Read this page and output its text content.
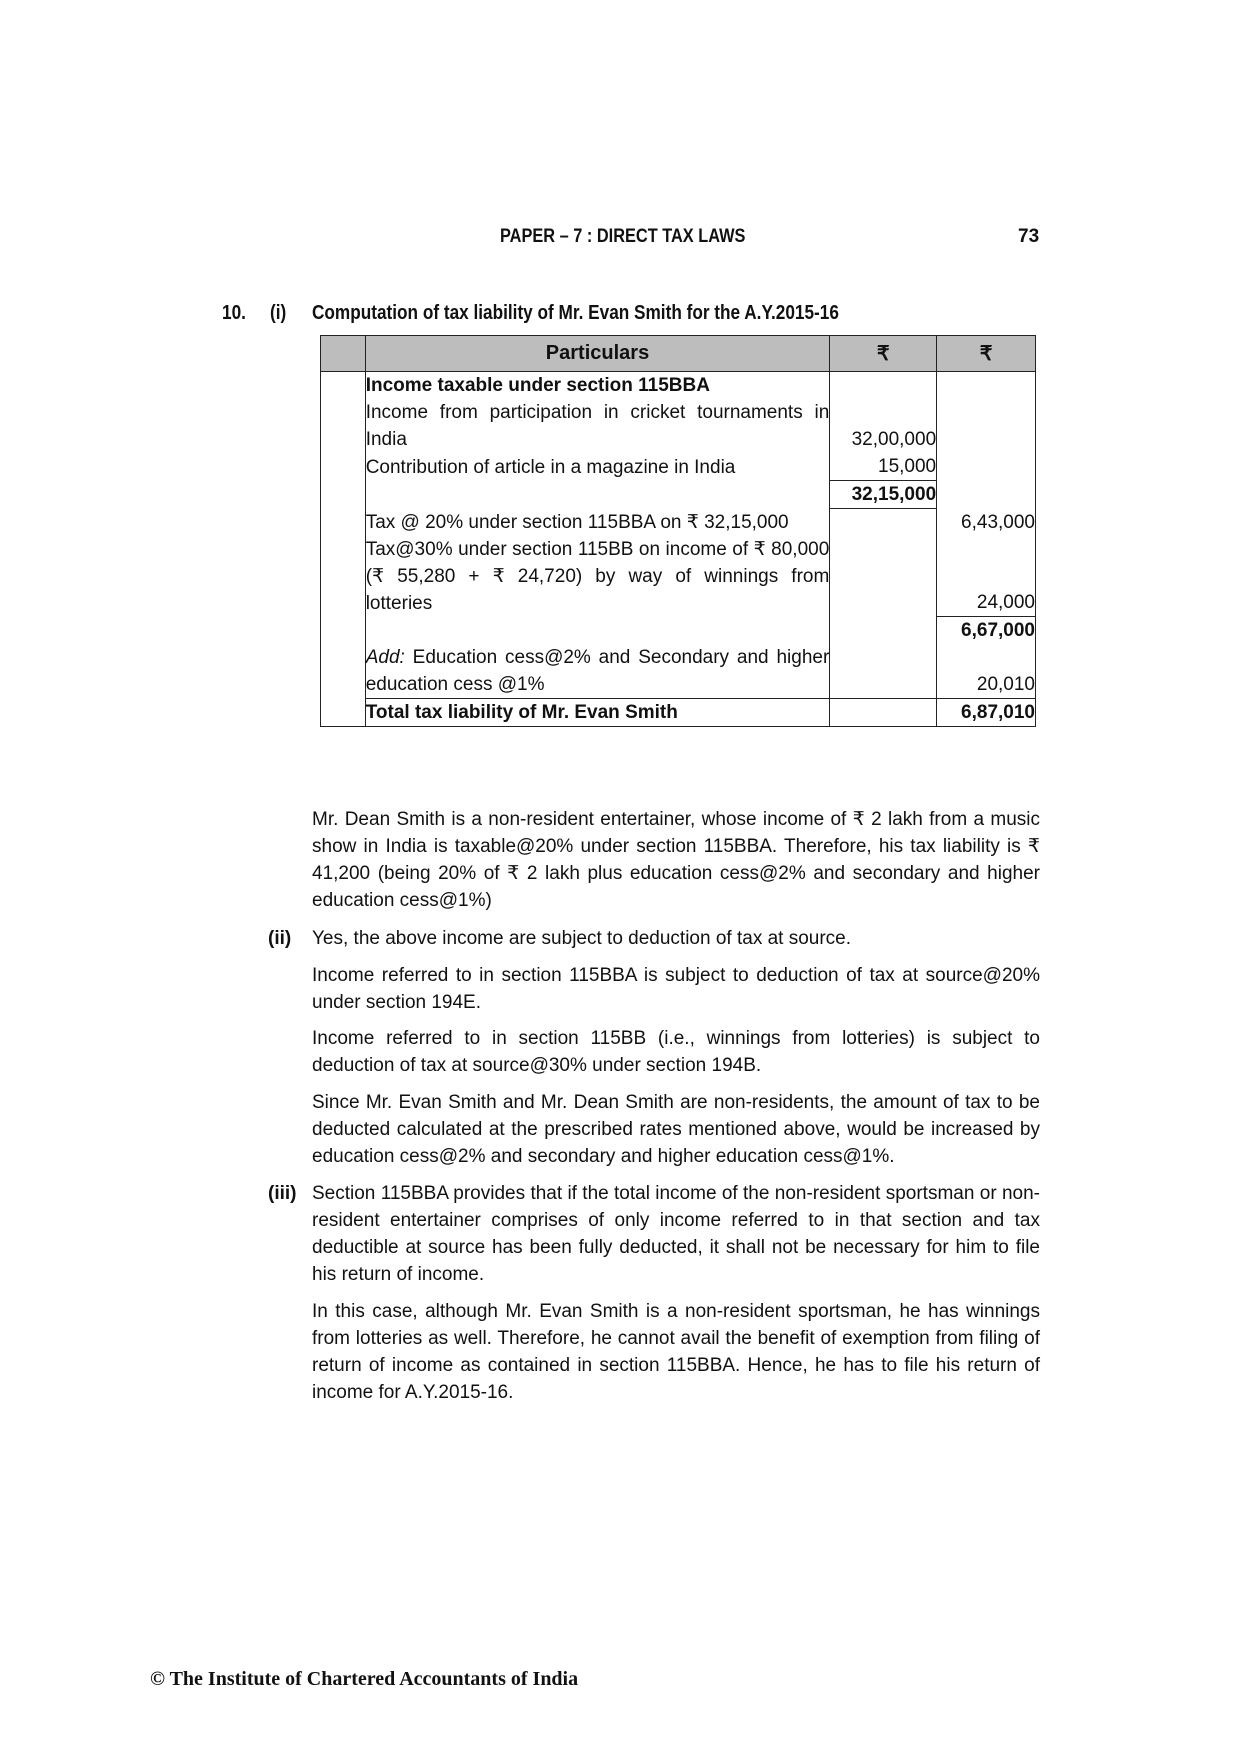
PAPER – 7 : DIRECT TAX LAWS	73
10. (i) Computation of tax liability of Mr. Evan Smith for the A.Y.2015-16
	Particulars	₹	₹
	Income taxable under section 115BBA		
	Income from participation in cricket tournaments in India	32,00,000	
	Contribution of article in a magazine in India	15,000	
		32,15,000	
	Tax @ 20% under section 115BBA on ₹ 32,15,000		6,43,000
	Tax@30% under section 115BB on income of ₹ 80,000 (₹ 55,280 + ₹ 24,720) by way of winnings from lotteries		24,000
			6,67,000
	Add: Education cess@2% and Secondary and higher education cess @1%		20,010
	Total tax liability of Mr. Evan Smith		6,87,010
Mr. Dean Smith is a non-resident entertainer, whose income of ₹ 2 lakh from a music show in India is taxable@20% under section 115BBA. Therefore, his tax liability is ₹ 41,200 (being 20% of ₹ 2 lakh plus education cess@2% and secondary and higher education cess@1%)
(ii) Yes, the above income are subject to deduction of tax at source.
Income referred to in section 115BBA is subject to deduction of tax at source@20% under section 194E.
Income referred to in section 115BB (i.e., winnings from lotteries) is subject to deduction of tax at source@30% under section 194B.
Since Mr. Evan Smith and Mr. Dean Smith are non-residents, the amount of tax to be deducted calculated at the prescribed rates mentioned above, would be increased by education cess@2% and secondary and higher education cess@1%.
(iii) Section 115BBA provides that if the total income of the non-resident sportsman or non-resident entertainer comprises of only income referred to in that section and tax deductible at source has been fully deducted, it shall not be necessary for him to file his return of income.
In this case, although Mr. Evan Smith is a non-resident sportsman, he has winnings from lotteries as well. Therefore, he cannot avail the benefit of exemption from filing of return of income as contained in section 115BBA. Hence, he has to file his return of income for A.Y.2015-16.
© The Institute of Chartered Accountants of India
